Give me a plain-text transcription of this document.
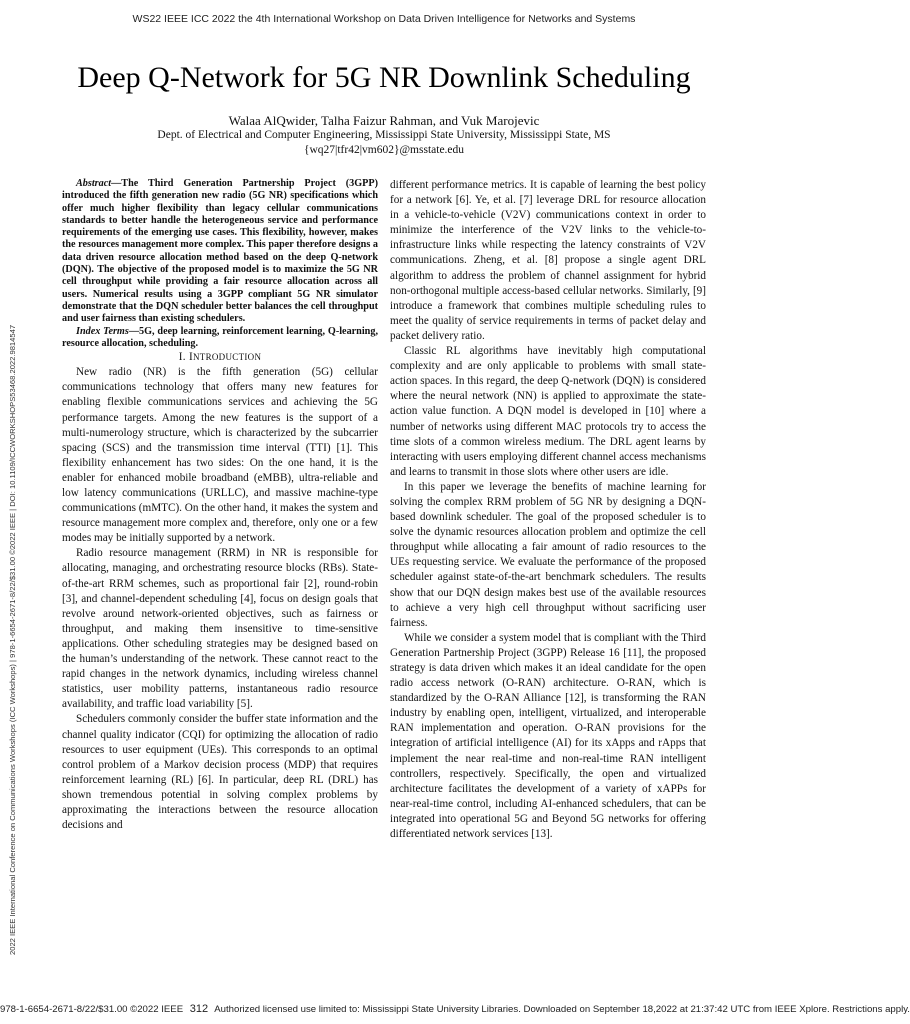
WS22 IEEE ICC 2022 the 4th International Workshop on Data Driven Intelligence for Networks and Systems
2022 IEEE International Conference on Communications Workshops (ICC Workshops) | 978-1-6654-2671-8/22/$31.00 ©2022 IEEE | DOI: 10.1109/ICCWORKSHOPS53468.2022.9814547
Deep Q-Network for 5G NR Downlink Scheduling
Walaa AlQwider, Talha Faizur Rahman, and Vuk Marojevic
Dept. of Electrical and Computer Engineering, Mississippi State University, Mississippi State, MS
{wq27|tfr42|vm602}@msstate.edu

Abstract—The Third Generation Partnership Project (3GPP) introduced the fifth generation new radio (5G NR) specifications which offer much higher flexibility than legacy cellular communications standards to better handle the heterogeneous service and performance requirements of the emerging use cases. This flexibility, however, makes the resources management more complex. This paper therefore designs a data driven resource allocation method based on the deep Q-network (DQN). The objective of the proposed model is to maximize the 5G NR cell throughput while providing a fair resource allocation across all users. Numerical results using a 3GPP compliant 5G NR simulator demonstrate that the DQN scheduler better balances the cell throughput and user fairness than existing schedulers.

Index Terms—5G, deep learning, reinforcement learning, Q-learning, resource allocation, scheduling.

I. INTRODUCTION

New radio (NR) is the fifth generation (5G) cellular communications technology that offers many new features for enabling flexible communications services and achieving the 5G performance targets. Among the new features is the support of a multi-numerology structure, which is characterized by the subcarrier spacing (SCS) and the transmission time interval (TTI) [1]. This flexibility enhancement has two sides: On the one hand, it is the enabler for enhanced mobile broadband (eMBB), ultra-reliable and low latency communications (URLLC), and massive machine-type communications (mMTC). On the other hand, it makes the system and resource management more complex and, therefore, only one or a few modes may be initially supported by a network.

Radio resource management (RRM) in NR is responsible for allocating, managing, and orchestrating resource blocks (RBs). State-of-the-art RRM schemes, such as proportional fair [2], round-robin [3], and channel-dependent scheduling [4], focus on design goals that revolve around network-oriented objectives, such as fairness or throughput, and making them insensitive to time-sensitive applications. Other scheduling strategies may be designed based on the human’s understanding of the network. These cannot react to the rapid changes in the network dynamics, including wireless channel statistics, user mobility patterns, instantaneous radio resource availability, and traffic load variability [5].

Schedulers commonly consider the buffer state information and the channel quality indicator (CQI) for optimizing the allocation of radio resources to user equipment (UEs). This corresponds to an optimal control problem of a Markov decision process (MDP) that requires reinforcement learning (RL) [6]. In particular, deep RL (DRL) has shown tremendous potential in solving complex problems by approximating the interactions between the resource allocation decisions and

different performance metrics. It is capable of learning the best policy for a network [6]. Ye, et al. [7] leverage DRL for resource allocation in a vehicle-to-vehicle (V2V) communications context in order to minimize the interference of the V2V links to the vehicle-to-infrastructure links while respecting the latency constraints of V2V communications. Zheng, et al. [8] propose a single agent DRL algorithm to address the problem of channel assignment for hybrid non-orthogonal multiple access-based cellular networks. Similarly, [9] introduce a framework that combines multiple scheduling rules to meet the quality of service requirements in terms of packet delay and packet delivery ratio.

Classic RL algorithms have inevitably high computational complexity and are only applicable to problems with small state-action spaces. In this regard, the deep Q-network (DQN) is considered where the neural network (NN) is applied to approximate the state-action value function. A DQN model is developed in [10] where a number of networks using different MAC protocols try to access the time slots of a common wireless medium. The DRL agent learns by interacting with users employing different channel access mechanisms and learns to transmit in those slots where other users are idle.

In this paper we leverage the benefits of machine learning for solving the complex RRM problem of 5G NR by designing a DQN-based downlink scheduler. The goal of the proposed scheduler is to solve the dynamic resources allocation problem and optimize the cell throughput while allocating a fair amount of radio resources to the UEs requesting service. We evaluate the performance of the proposed scheduler against state-of-the-art benchmark schedulers. The results show that our DQN design makes best use of the available resources to achieve a very high cell throughput without sacrificing user fairness.

While we consider a system model that is compliant with the Third Generation Partnership Project (3GPP) Release 16 [11], the proposed strategy is data driven which makes it an ideal candidate for the open radio access network (O-RAN) architecture. O-RAN, which is standardized by the O-RAN Alliance [12], is transforming the RAN industry by enabling open, intelligent, virtualized, and interoperable RAN implementation and operation. O-RAN provisions for the integration of artificial intelligence (AI) for its xApps and rApps that implement the near real-time and non-real-time RAN intelligent controllers, respectively. Specifically, the open and virtualized architecture facilitates the development of a variety of xAPPs for near-real-time control, including AI-enhanced schedulers, that can be integrated into operational 5G and Beyond 5G networks for offering differentiated network services [13].

978-1-6654-2671-8/22/$31.00 ©2022 IEEE 312 Authorized licensed use limited to: Mississippi State University Libraries. Downloaded on September 18,2022 at 21:37:42 UTC from IEEE Xplore. Restrictions apply.
